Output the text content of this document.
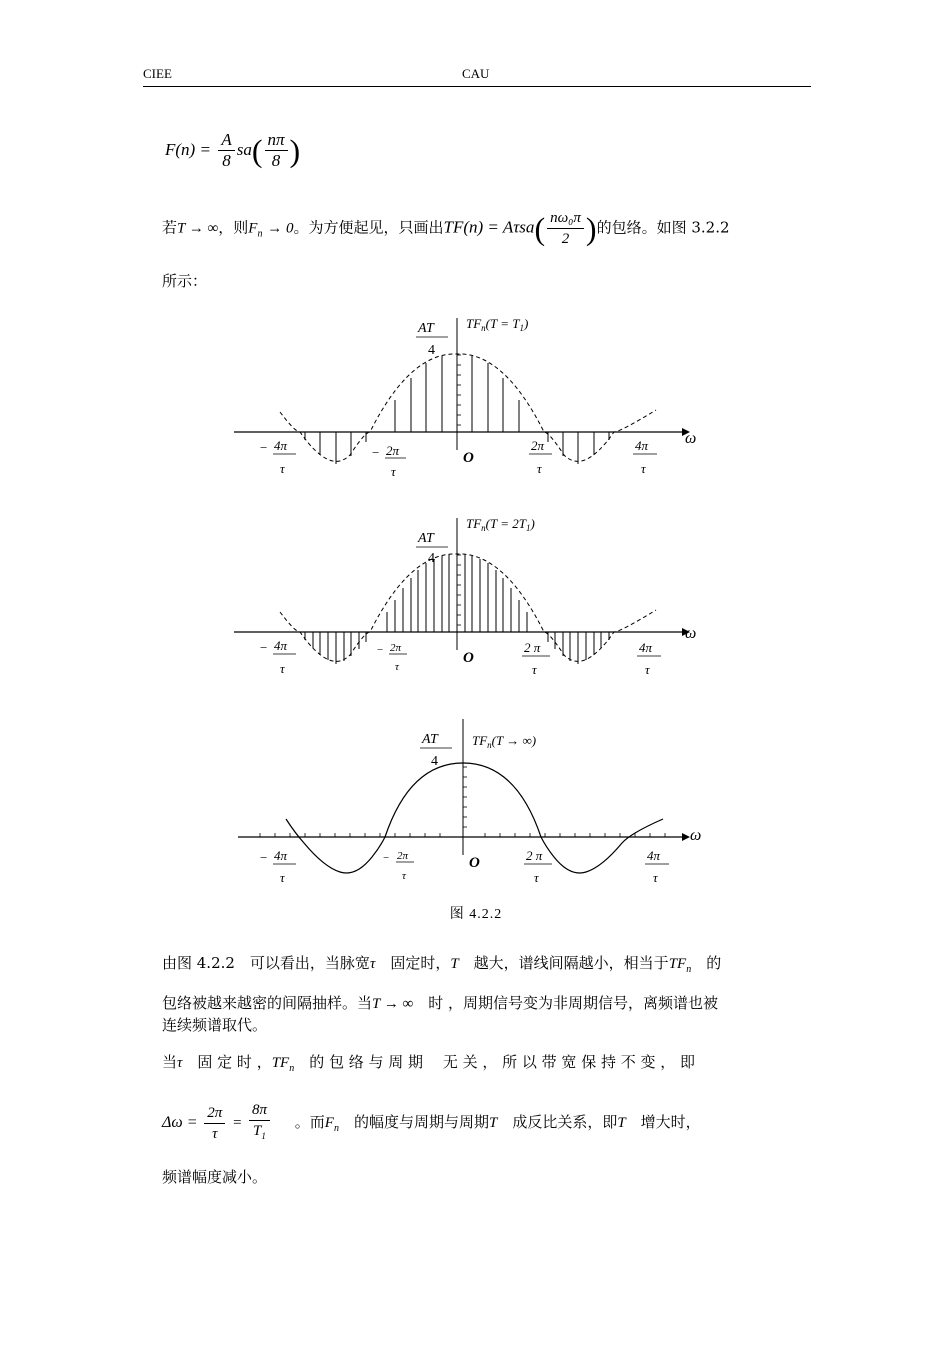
CIEE	CAU
$F(n) = \frac{A}{8} sa( \frac{n\pi}{8}$ )
若T → ∞，则$F_n \to 0$。为方便起见，只画出$TF(n) = A\tau sa( \frac{\text{nω₀π}}{2}$ )的包络。如图 3.2.2
所示：
AT
4
$TF_n(T = T_1)$
ω
O
− 4π
τ
− 2π
τ
2π
τ
4π
τ
AT
4
$TF_n(T = 2T_1)$
ω
O
− 4π
τ
− 2π
τ
2 π
τ
4π
τ
AT
4
$TF_n(T$ → ∞)
ω
O
− 4π
τ
− 2π
τ
2 π
τ
4π
τ
图 4.2.2
由图 4.2.2　可以看出，当脉宽τ　固定时，T　越大，谱线间隔越小，相当于$TF_n$　的
包络被越来越密的间隔抽样。当T → ∞　时 ，周期信号变为非周期信号，离频谱也被
连续频谱取代。
当τ　固 定 时 ，$TF_n$　的 包 络 与 周 期　 无 关 ， 所 以 带 宽 保 持 不 变 ， 即
$\Delta\omega = \frac{2\pi}{\tau} = \frac{8\pi}{T_1}$ 。而$F_n$　的幅度与周期与周期T　成反比关系，即T　增大时，
频谱幅度减小。
